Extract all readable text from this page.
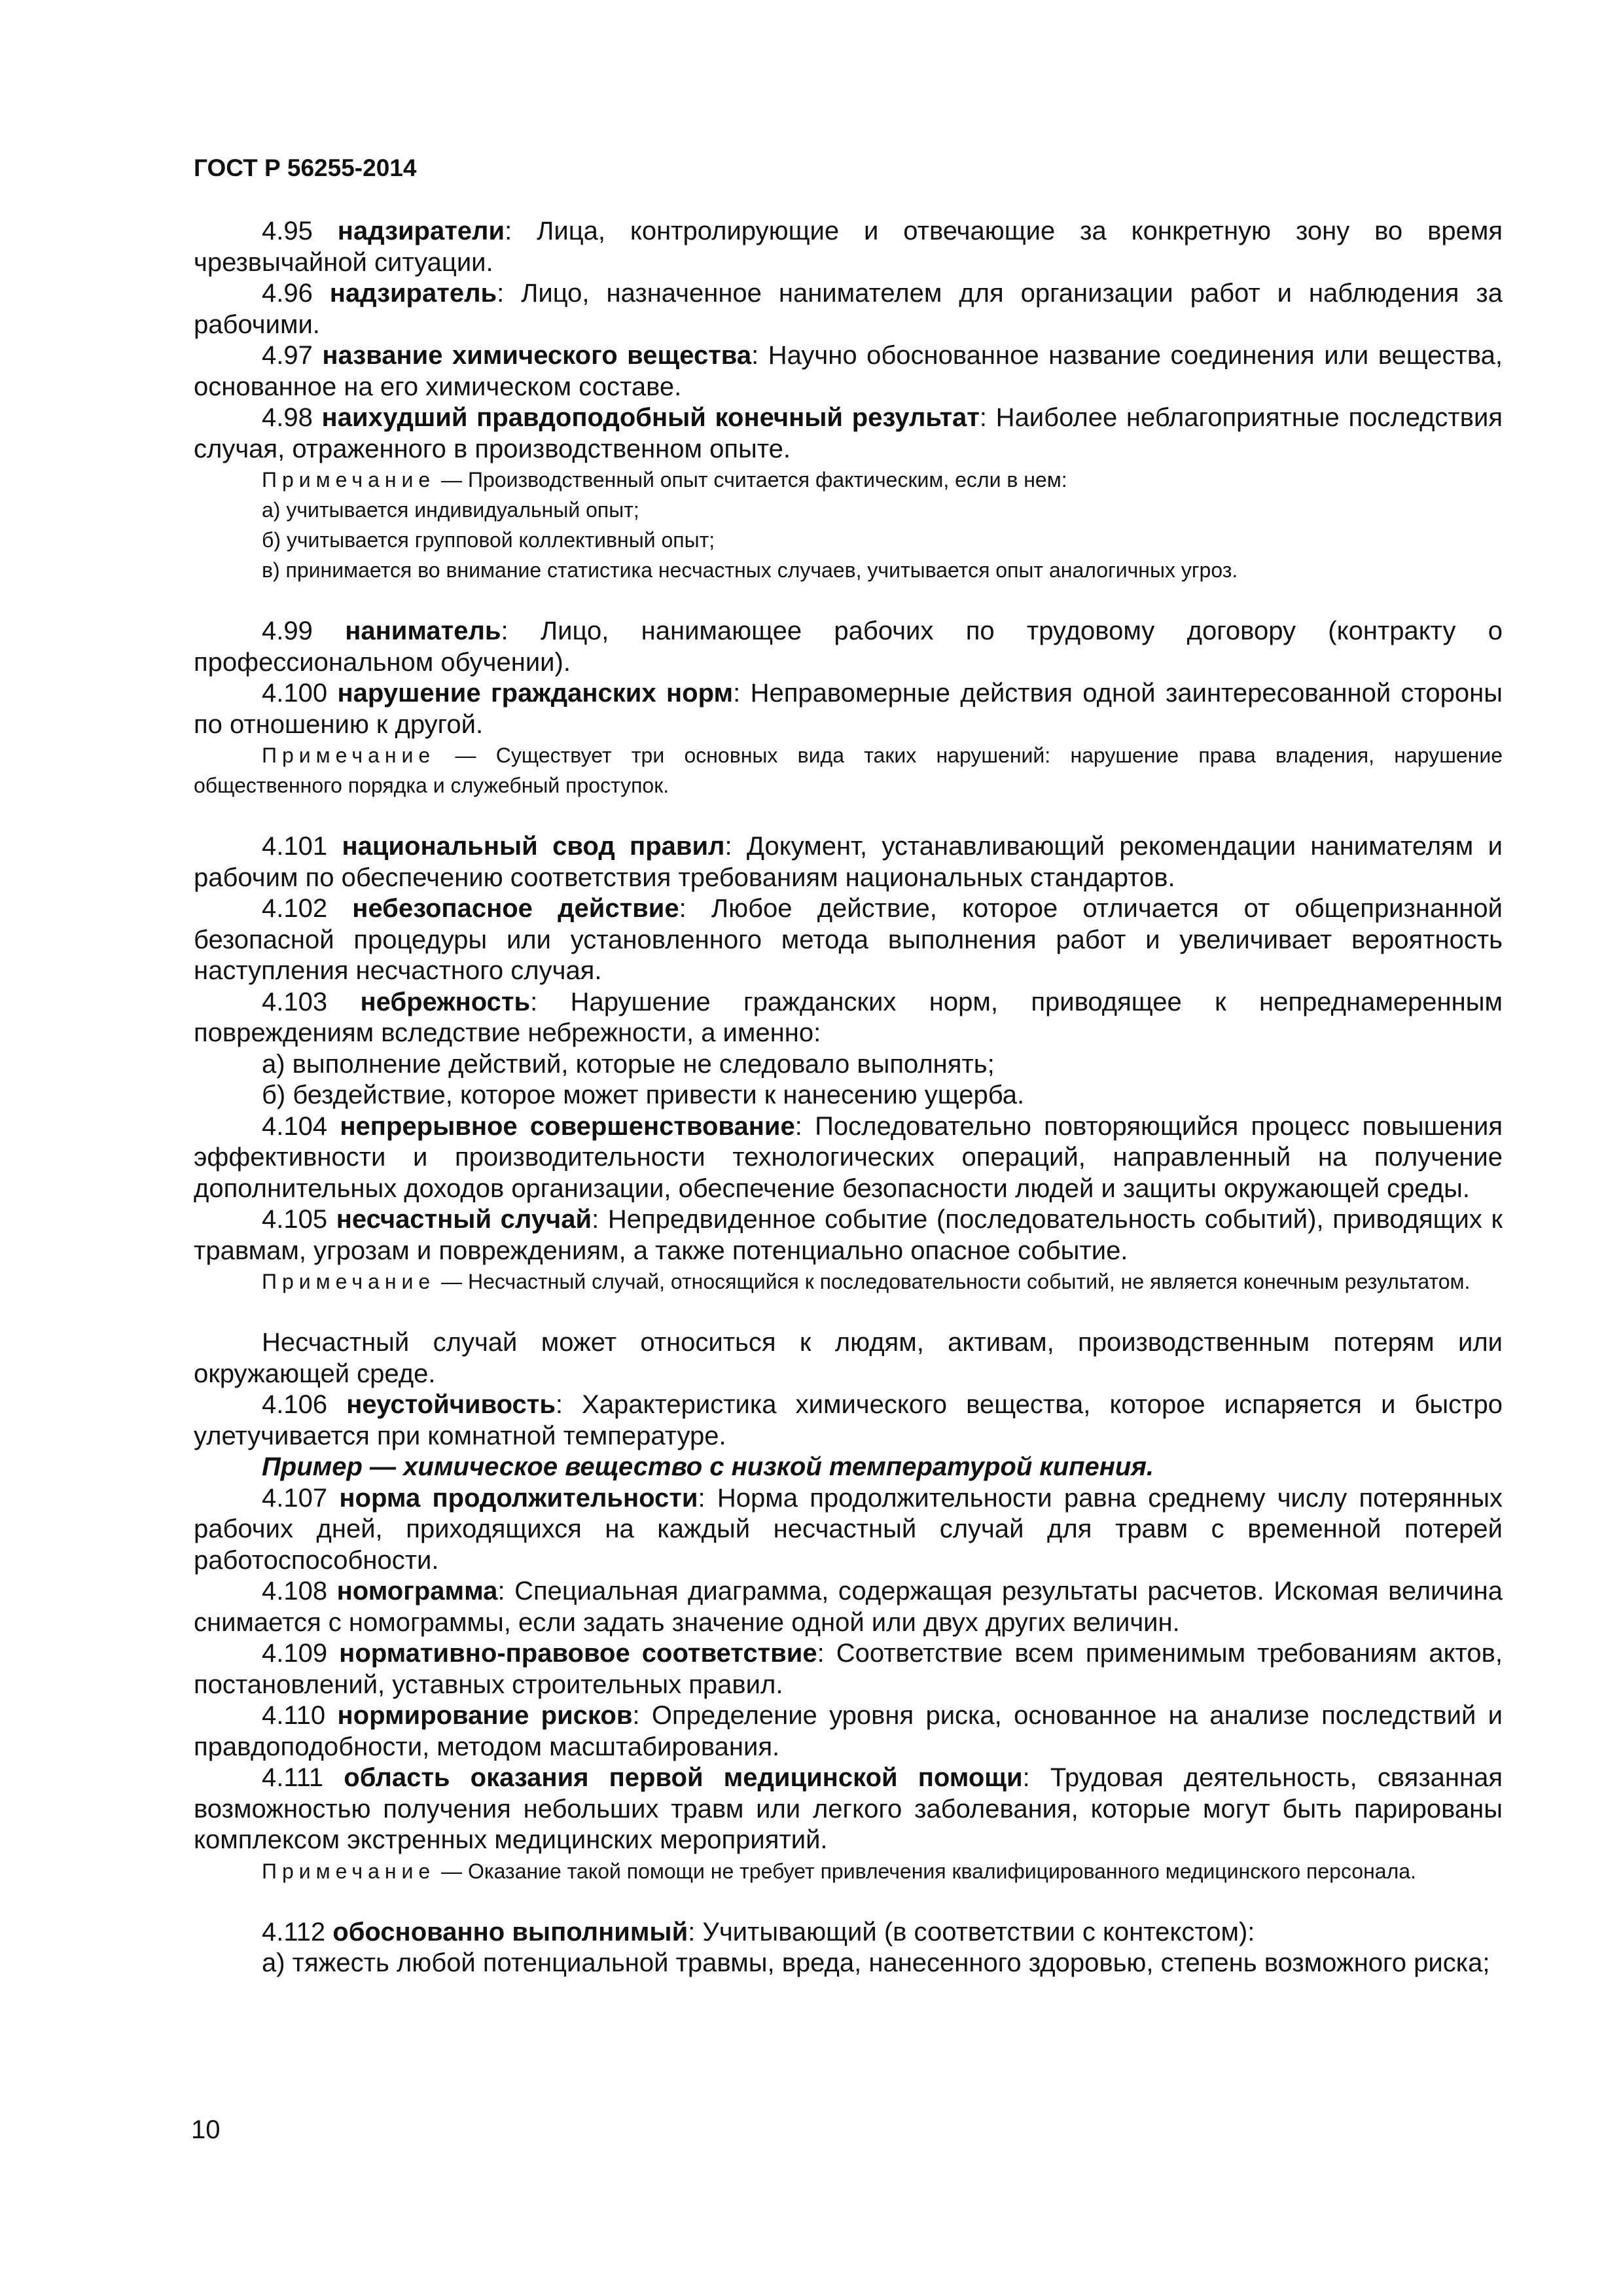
ГОСТ Р 56255-2014

4.95 надзиратели: Лица, контролирующие и отвечающие за конкретную зону во время чрезвычайной ситуации.

4.96 надзиратель: Лицо, назначенное нанимателем для организации работ и наблюдения за рабочими.

4.97 название химического вещества: Научно обоснованное название соединения или вещества, основанное на его химическом составе.

4.98 наихудший правдоподобный конечный результат: Наиболее неблагоприятные последствия случая, отраженного в производственном опыте.

Примечание — Производственный опыт считается фактическим, если в нем:

а) учитывается индивидуальный опыт;

б) учитывается групповой коллективный опыт;

в) принимается во внимание статистика несчастных случаев, учитывается опыт аналогичных угроз.

4.99 наниматель: Лицо, нанимающее рабочих по трудовому договору (контракту о профессиональном обучении).

4.100 нарушение гражданских норм: Неправомерные действия одной заинтересованной стороны по отношению к другой.

Примечание — Существует три основных вида таких нарушений: нарушение права владения, нарушение общественного порядка и служебный проступок.

4.101 национальный свод правил: Документ, устанавливающий рекомендации нанимателям и рабочим по обеспечению соответствия требованиям национальных стандартов.

4.102 небезопасное действие: Любое действие, которое отличается от общепризнанной безопасной процедуры или установленного метода выполнения работ и увеличивает вероятность наступления несчастного случая.

4.103 небрежность: Нарушение гражданских норм, приводящее к непреднамеренным повреждениям вследствие небрежности, а именно:

а) выполнение действий, которые не следовало выполнять;

б) бездействие, которое может привести к нанесению ущерба.

4.104 непрерывное совершенствование: Последовательно повторяющийся процесс повышения эффективности и производительности технологических операций, направленный на получение дополнительных доходов организации, обеспечение безопасности людей и защиты окружающей среды.

4.105 несчастный случай: Непредвиденное событие (последовательность событий), приводящих к травмам, угрозам и повреждениям, а также потенциально опасное событие.

Примечание — Несчастный случай, относящийся к последовательности событий, не является конечным результатом.

Несчастный случай может относиться к людям, активам, производственным потерям или окружающей среде.

4.106 неустойчивость: Характеристика химического вещества, которое испаряется и быстро улетучивается при комнатной температуре.

Пример — химическое вещество с низкой температурой кипения.

4.107 норма продолжительности: Норма продолжительности равна среднему числу потерянных рабочих дней, приходящихся на каждый несчастный случай для травм с временной потерей работоспособности.

4.108 номограмма: Специальная диаграмма, содержащая результаты расчетов. Искомая величина снимается с номограммы, если задать значение одной или двух других величин.

4.109 нормативно-правовое соответствие: Соответствие всем применимым требованиям актов, постановлений, уставных строительных правил.

4.110 нормирование рисков: Определение уровня риска, основанное на анализе последствий и правдоподобности, методом масштабирования.

4.111 область оказания первой медицинской помощи: Трудовая деятельность, связанная возможностью получения небольших травм или легкого заболевания, которые могут быть парированы комплексом экстренных медицинских мероприятий.

Примечание — Оказание такой помощи не требует привлечения квалифицированного медицинского персонала.

4.112 обоснованно выполнимый: Учитывающий (в соответствии с контекстом):

а) тяжесть любой потенциальной травмы, вреда, нанесенного здоровью, степень возможного риска;

10
